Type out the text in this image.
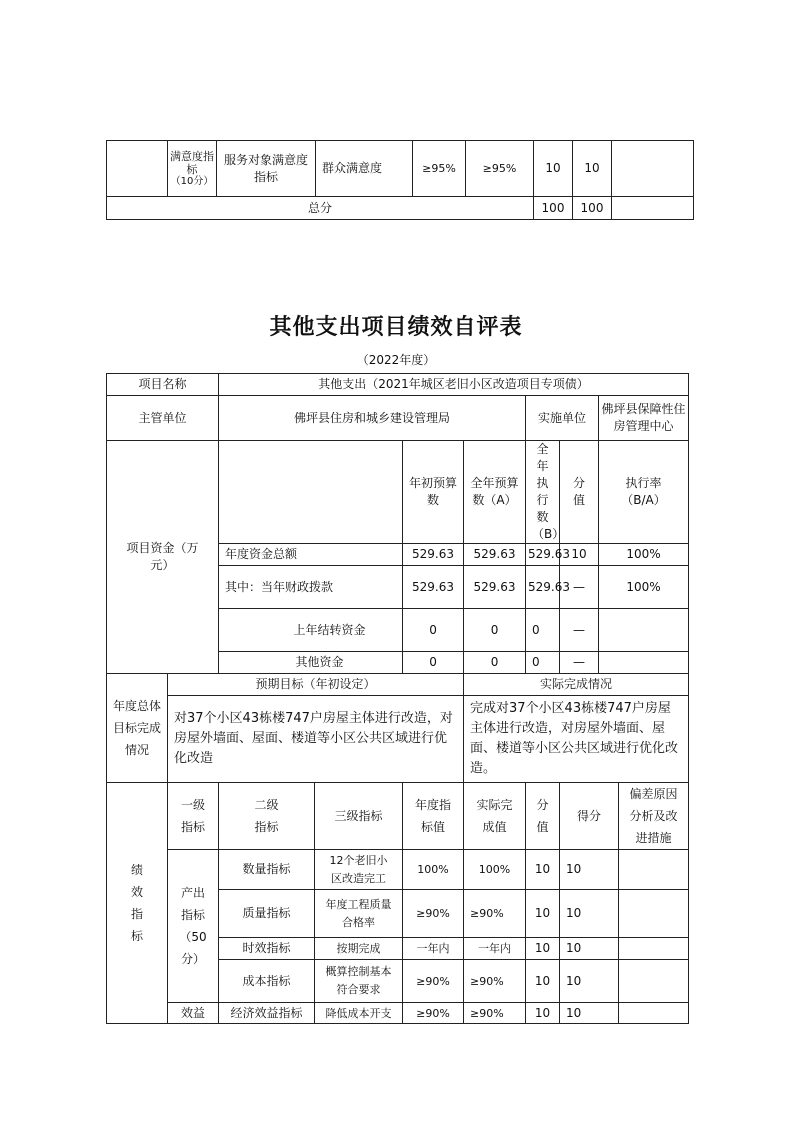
	满意度指标
（10分）	服务对象满意度指标	群众满意度	≥95%	≥95%	10	10	
总分						100	100	
其他支出项目绩效自评表
（2022年度）
项目名称		其他支出（2021年城区老旧小区改造项目专项债）								
主管单位		佛坪县住房和城乡建设管理局				实施单位		佛坪县保障性住房管理中心		
项目资金（万元）				年初预算数	全年预算数（A）	全年执行数（B）	分值	执行率（B/A）	
		年度资金总额		529.63	529.63	529.63	10	100%	
		其中：当年财政拨款		529.63	529.63	529.63	—	100%	
		上年结转资金		0	0	0	—		
		其他资金		0	0	0	—		
年度总体目标完成情况	预期目标（年初设定）				实际完成情况					
	对37个小区43栋楼747户房屋主体进行改造，对房屋外墙面、屋面、楼道等小区公共区域进行优化改造				完成对37个小区43栋楼747户房屋主体进行改造，对房屋外墙面、屋面、楼道等小区公共区域进行优化改造。					
绩效指标	一级指标	二级指标	三级指标	年度指标值	实际完成值	分值	得分		偏差原因分析及改进措施	
	产出指标（50分）	数量指标	12个老旧小区改造完工	100%	100%	10	10			
		质量指标	年度工程质量合格率	≥90%	≥90%	10	10			
		时效指标	按期完成	一年内	一年内	10	10			
		成本指标	概算控制基本符合要求	≥90%	≥90%	10	10			
	效益	经济效益指标	降低成本开支	≥90%	≥90%	10	10			
